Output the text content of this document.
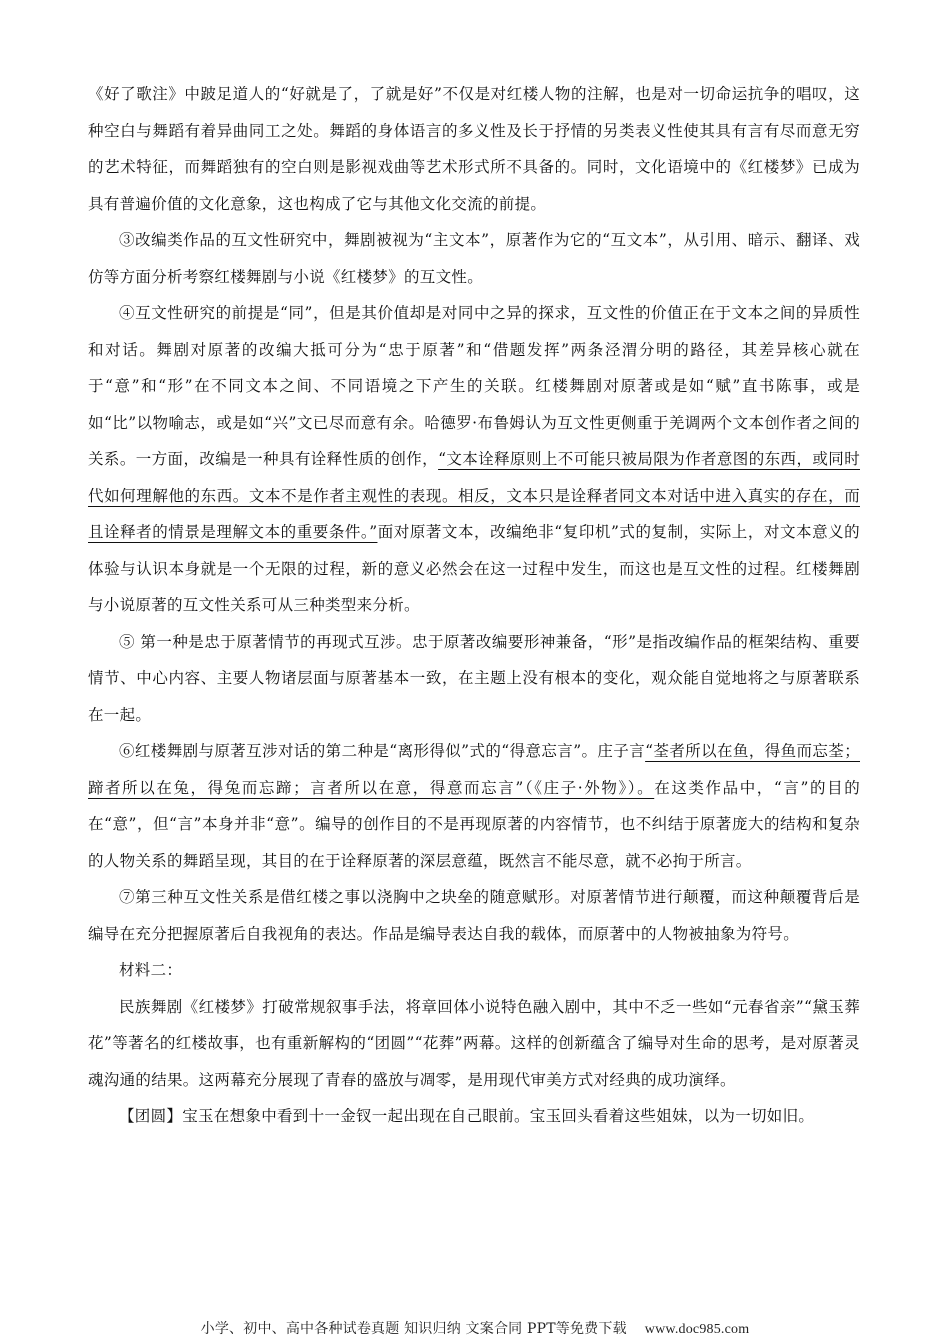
《好了歌注》中跛足道人的“好就是了，了就是好”不仅是对红楼人物的注解，也是对一切命运抗争的唱叹，这种空白与舞蹈有着异曲同工之处。舞蹈的身体语言的多义性及长于抒情的另类表义性使其具有言有尽而意无穷的艺术特征，而舞蹈独有的空白则是影视戏曲等艺术形式所不具备的。同时，文化语境中的《红楼梦》已成为具有普遍价值的文化意象，这也构成了它与其他文化交流的前提。

③改编类作品的互文性研究中，舞剧被视为“主文本”，原著作为它的“互文本”，从引用、暗示、翻译、戏仿等方面分析考察红楼舞剧与小说《红楼梦》的互文性。

④互文性研究的前提是“同”，但是其价值却是对同中之异的探求，互文性的价值正在于文本之间的异质性和对话。舞剧对原著的改编大抵可分为“忠于原著”和“借题发挥”两条泾渭分明的路径，其差异核心就在于“意”和“形”在不同文本之间、不同语境之下产生的关联。红楼舞剧对原著或是如“赋”直书陈事，或是如“比”以物喻志，或是如“兴”文已尽而意有余。哈德罗·布鲁姆认为互文性更侧重于羌调两个文本创作者之间的关系。一方面，改编是一种具有诠释性质的创作，“文本诠释原则上不可能只被局限为作者意图的东西，或同时代如何理解他的东西。文本不是作者主观性的表现。相反，文本只是诠释者同文本对话中进入真实的存在，而且诠释者的情景是理解文本的重要条件。”面对原著文本，改编绝非“复印机”式的复制，实际上，对文本意义的体验与认识本身就是一个无限的过程，新的意义必然会在这一过程中发生，而这也是互文性的过程。红楼舞剧与小说原著的互文性关系可从三种类型来分析。

⑤ 第一种是忠于原著情节的再现式互涉。忠于原著改编要形神兼备，“形”是指改编作品的框架结构、重要情节、中心内容、主要人物诸层面与原著基本一致，在主题上没有根本的变化，观众能自觉地将之与原著联系在一起。

⑥红楼舞剧与原著互涉对话的第二种是“离形得似”式的“得意忘言”。庄子言“荃者所以在鱼，得鱼而忘荃；蹄者所以在兔，得兔而忘蹄；言者所以在意，得意而忘言”（《庄子·外物》）。在这类作品中，“言”的目的在“意”，但“言”本身并非“意”。编导的创作目的不是再现原著的内容情节，也不纠结于原著庞大的结构和复杂的人物关系的舞蹈呈现，其目的在于诠释原著的深层意蕴，既然言不能尽意，就不必拘于所言。

⑦第三种互文性关系是借红楼之事以浇胸中之块垒的随意赋形。对原著情节进行颠覆，而这种颠覆背后是编导在充分把握原著后自我视角的表达。作品是编导表达自我的载体，而原著中的人物被抽象为符号。

材料二：

民族舞剧《红楼梦》打破常规叙事手法，将章回体小说特色融入剧中，其中不乏一些如“元春省亲”“黛玉葬花”等著名的红楼故事，也有重新解构的“团圆”“花葬”两幕。这样的创新蕴含了编导对生命的思考，是对原著灵魂沟通的结果。这两幕充分展现了青春的盛放与凋零，是用现代审美方式对经典的成功演绎。

【团圆】宝玉在想象中看到十一金钗一起出现在自己眼前。宝玉回头看着这些姐妹，以为一切如旧。

小学、初中、高中各种试卷真题 知识归纳 文案合同 PPT等免费下载 www.doc985.com
